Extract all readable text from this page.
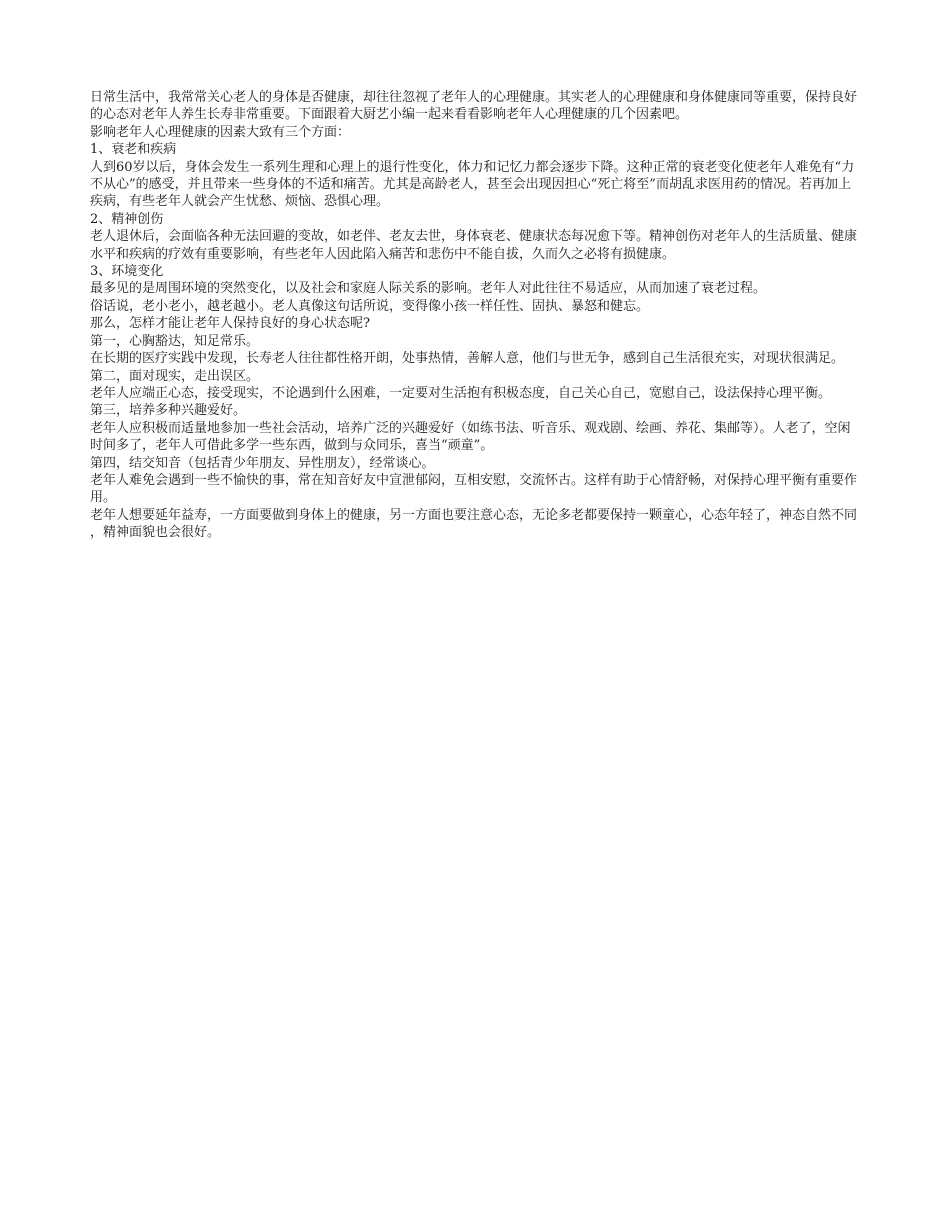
日常生活中，我常常关心老人的身体是否健康，却往往忽视了老年人的心理健康。其实老人的心理健康和身体健康同等重要，保持良好的心态对老年人养生长寿非常重要。下面跟着大厨艺小编一起来看看影响老年人心理健康的几个因素吧。

影响老年人心理健康的因素大致有三个方面：

1、衰老和疾病

人到60岁以后，身体会发生一系列生理和心理上的退行性变化，体力和记忆力都会逐步下降。这种正常的衰老变化使老年人难免有“力不从心”的感受，并且带来一些身体的不适和痛苦。尤其是高龄老人，甚至会出现因担心“死亡将至”而胡乱求医用药的情况。若再加上疾病，有些老年人就会产生忧愁、烦恼、恐惧心理。

2、精神创伤

老人退休后，会面临各种无法回避的变故，如老伴、老友去世，身体衰老、健康状态每况愈下等。精神创伤对老年人的生活质量、健康水平和疾病的疗效有重要影响，有些老年人因此陷入痛苦和悲伤中不能自拔，久而久之必将有损健康。

3、环境变化

最多见的是周围环境的突然变化，以及社会和家庭人际关系的影响。老年人对此往往不易适应，从而加速了衰老过程。

俗话说，老小老小，越老越小。老人真像这句话所说，变得像小孩一样任性、固执、暴怒和健忘。

那么，怎样才能让老年人保持良好的身心状态呢?

第一，心胸豁达，知足常乐。

在长期的医疗实践中发现，长寿老人往往都性格开朗，处事热情，善解人意，他们与世无争，感到自己生活很充实，对现状很满足。

第二，面对现实，走出误区。

老年人应端正心态，接受现实，不论遇到什么困难，一定要对生活抱有积极态度，自己关心自己，宽慰自己，设法保持心理平衡。

第三，培养多种兴趣爱好。

老年人应积极而适量地参加一些社会活动，培养广泛的兴趣爱好（如练书法、听音乐、观戏剧、绘画、养花、集邮等）。人老了，空闲时间多了，老年人可借此多学一些东西，做到与众同乐，喜当“顽童”。

第四，结交知音（包括青少年朋友、异性朋友），经常谈心。

老年人难免会遇到一些不愉快的事，常在知音好友中宣泄郁闷，互相安慰，交流怀古。这样有助于心情舒畅，对保持心理平衡有重要作用。

老年人想要延年益寿，一方面要做到身体上的健康，另一方面也要注意心态，无论多老都要保持一颗童心，心态年轻了，神态自然不同，精神面貌也会很好。
